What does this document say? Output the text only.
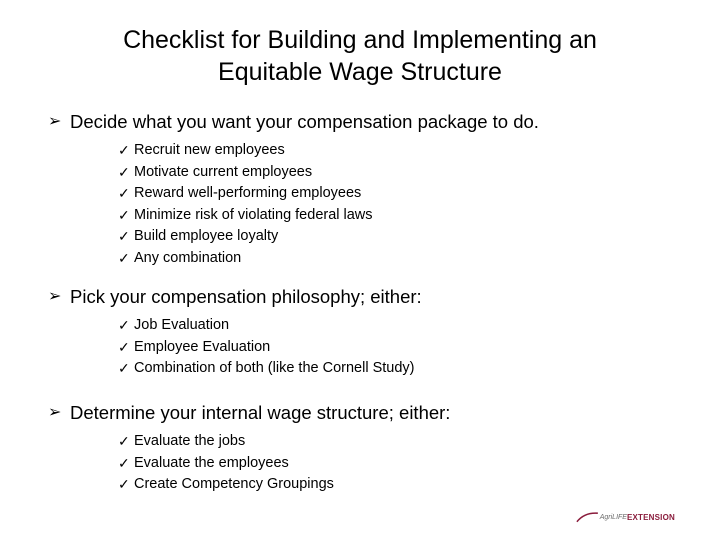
Checklist for Building and Implementing an
Equitable Wage Structure
➢ Decide what you want your compensation package to do.
✓ Recruit new employees
✓ Motivate current employees
✓ Reward well-performing employees
✓ Minimize risk of violating federal laws
✓ Build employee loyalty
✓ Any combination
➢ Pick your compensation philosophy; either:
✓ Job Evaluation
✓ Employee Evaluation
✓ Combination of both (like the Cornell Study)
➢ Determine your internal wage structure; either:
✓ Evaluate the jobs
✓ Evaluate the employees
✓ Create Competency Groupings
AgriLIFE EXTENSION
